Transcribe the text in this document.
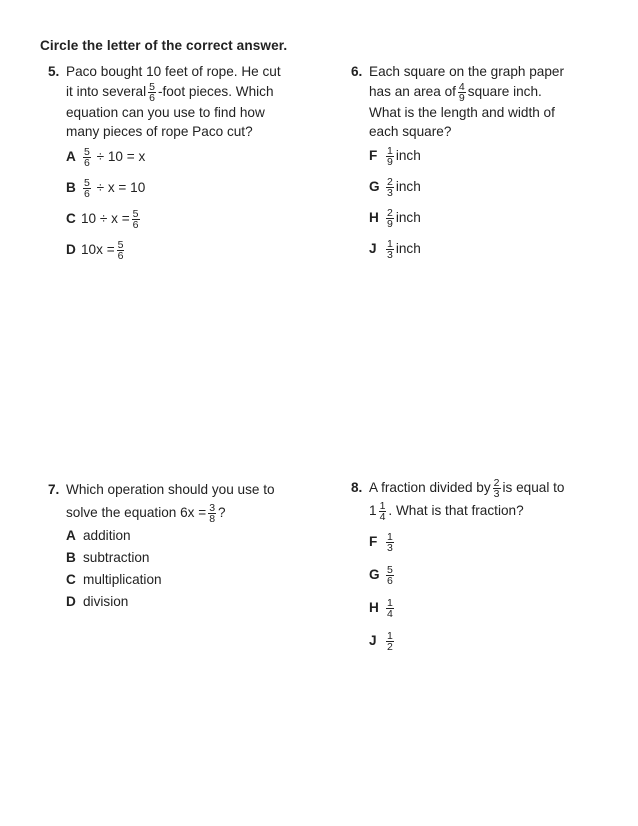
Circle the letter of the correct answer.
5. Paco bought 10 feet of rope. He cut
it into several $\frac{5}{6}$ -foot pieces. Which
equation can you use to find how
many pieces of rope Paco cut?
A $\frac{5}{6} \div 10 = x$
B $\frac{5}{6} \div x = 10$
C $10 \div x = \frac{5}{6}$
D $10x = \frac{5}{6}$
6. Each square on the graph paper
has an area of $\frac{4}{9}$ square inch.
What is the length and width of
each square?
F $\frac{1}{9}$ inch
G $\frac{2}{3}$ inch
H $\frac{2}{9}$ inch
J $\frac{1}{3}$ inch
7. Which operation should you use to
solve the equation $6x = \frac{3}{8}$ ?
A addition
B subtraction
C multiplication
D division
8. A fraction divided by $\frac{2}{3}$ is equal to
$1 \frac{1}{4}$ . What is that fraction?
F $\frac{1}{3}$
G $\frac{5}{6}$
H $\frac{1}{4}$
J $\frac{1}{2}$
